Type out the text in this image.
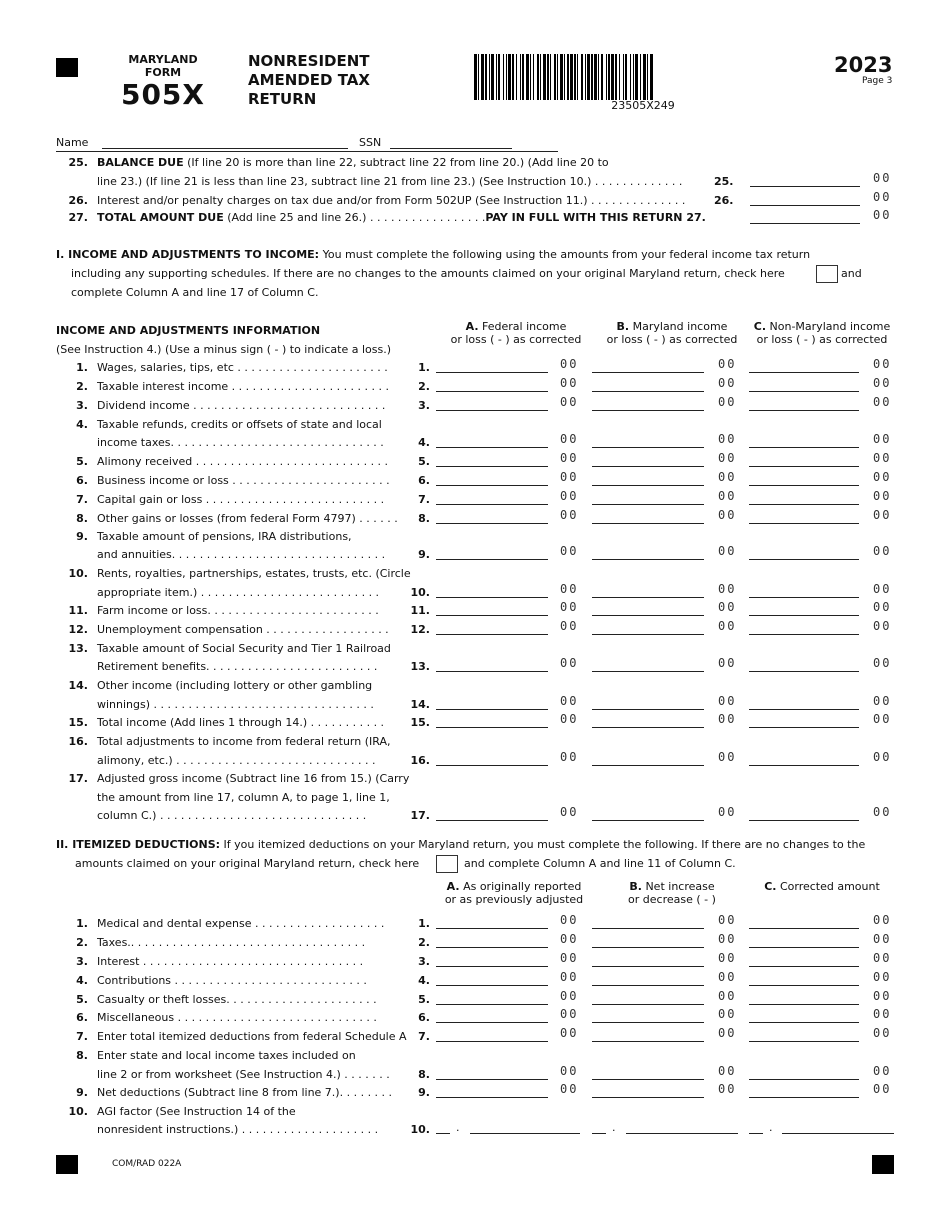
MARYLAND
FORM
505X
NONRESIDENT
AMENDED TAX
RETURN	23505X249
2023
Page 3
Name	SSN
25. BALANCE DUE (If line 20 is more than line 22, subtract line 22 from line 20.) (Add line 20 to
line 23.) (If line 21 is less than line 23, subtract line 21 from line 23.) (See Instruction 10.) . . . . . . . . . . . . .	25.	00
26. Interest and/or penalty charges on tax due and/or from Form 502UP (See Instruction 11.) . . . . . . . . . . . . . .	26.	00
27. TOTAL AMOUNT DUE (Add line 25 and line 26.) . . . . . . . . . . . . . . . . .PAY IN FULL WITH THIS RETURN 27.	00
I. INCOME AND ADJUSTMENTS TO INCOME: You must complete the following using the amounts from your federal income tax return
including any supporting schedules. If there are no changes to the amounts claimed on your original Maryland return, check here	and
complete Column A and line 17 of Column C.
INCOME AND ADJUSTMENTS INFORMATION
(See Instruction 4.) (Use a minus sign ( - ) to indicate a loss.)
A. Federal income
or loss ( - ) as corrected
B. Maryland income
or loss ( - ) as corrected
C. Non-Maryland income
or loss ( - ) as corrected
1. Wages, salaries, tips, etc . . . . . . . . . . . . . . . . . . . . . .	1.	00	00	00
2. Taxable interest income . . . . . . . . . . . . . . . . . . . . . . .	2.	00	00	00
3. Dividend income . . . . . . . . . . . . . . . . . . . . . . . . . . . .	3.	00	00	00
4. Taxable refunds, credits or offsets of state and local
income taxes. . . . . . . . . . . . . . . . . . . . . . . . . . . . . . .	4.	00	00	00
5. Alimony received . . . . . . . . . . . . . . . . . . . . . . . . . . . .	5.	00	00	00
6. Business income or loss . . . . . . . . . . . . . . . . . . . . . . .	6.	00	00	00
7. Capital gain or loss . . . . . . . . . . . . . . . . . . . . . . . . . .	7.	00	00	00
8. Other gains or losses (from federal Form 4797) . . . . . .	8.	00	00	00
9. Taxable amount of pensions, IRA distributions,
and annuities. . . . . . . . . . . . . . . . . . . . . . . . . . . . . . .	9.	00	00	00
10. Rents, royalties, partnerships, estates, trusts, etc. (Circle
appropriate item.) . . . . . . . . . . . . . . . . . . . . . . . . . .	10.	00	00	00
11. Farm income or loss. . . . . . . . . . . . . . . . . . . . . . . . .	11.	00	00	00
12. Unemployment compensation . . . . . . . . . . . . . . . . . .	12.	00	00	00
13. Taxable amount of Social Security and Tier 1 Railroad
Retirement benefits. . . . . . . . . . . . . . . . . . . . . . . . .	13.	00	00	00
14. Other income (including lottery or other gambling
winnings) . . . . . . . . . . . . . . . . . . . . . . . . . . . . . . . .	14.	00	00	00
15. Total income (Add lines 1 through 14.) . . . . . . . . . . .	15.	00	00	00
16. Total adjustments to income from federal return (IRA,
alimony, etc.) . . . . . . . . . . . . . . . . . . . . . . . . . . . . .	16.	00	00	00
17. Adjusted gross income (Subtract line 16 from 15.) (Carry
the amount from line 17, column A, to page 1, line 1,
column C.) . . . . . . . . . . . . . . . . . . . . . . . . . . . . . .	17.	00	00	00
II. ITEMIZED DEDUCTIONS: If you itemized deductions on your Maryland return, you must complete the following. If there are no changes to the
amounts claimed on your original Maryland return, check here	and complete Column A and line 11 of Column C.
A. As originally reported
or as previously adjusted
B. Net increase
or decrease ( - )
C. Corrected amount
1. Medical and dental expense . . . . . . . . . . . . . . . . . . .	1.	00	00	00
2. Taxes.. . . . . . . . . . . . . . . . . . . . . . . . . . . . . . . . . .	2.	00	00	00
3. Interest . . . . . . . . . . . . . . . . . . . . . . . . . . . . . . . .	3.	00	00	00
4. Contributions . . . . . . . . . . . . . . . . . . . . . . . . . . . .	4.	00	00	00
5. Casualty or theft losses. . . . . . . . . . . . . . . . . . . . . .	5.	00	00	00
6. Miscellaneous . . . . . . . . . . . . . . . . . . . . . . . . . . . . .	6.	00	00	00
7. Enter total itemized deductions from federal Schedule A	7.	00	00	00
8. Enter state and local income taxes included on
line 2 or from worksheet (See Instruction 4.) . . . . . . .	8.	00	00	00
9. Net deductions (Subtract line 8 from line 7.). . . . . . . .	9.	00	00	00
10. AGI factor (See Instruction 14 of the
nonresident instructions.) . . . . . . . . . . . . . . . . . . . .	10. .	.	.
COM/RAD 022A
